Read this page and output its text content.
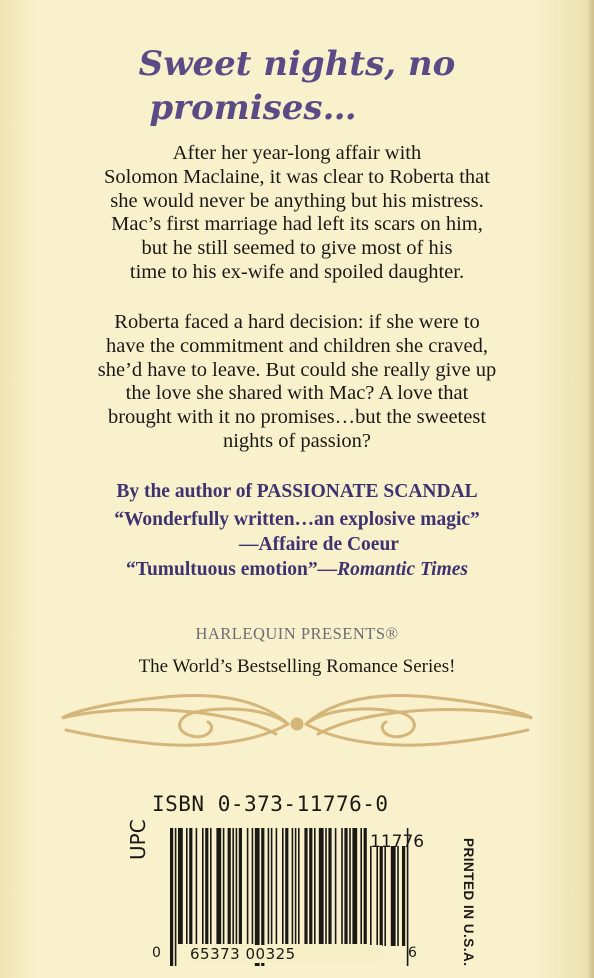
Sweet nights, no
promises…
After her year-long affair with
Solomon Maclaine, it was clear to Roberta that
she would never be anything but his mistress.
Mac’s first marriage had left its scars on him,
but he still seemed to give most of his
time to his ex-wife and spoiled daughter.
Roberta faced a hard decision: if she were to
have the commitment and children she craved,
she’d have to leave. But could she really give up
the love she shared with Mac? A love that
brought with it no promises…but the sweetest
nights of passion?
By the author of PASSIONATE SCANDAL
“Wonderfully written…an explosive magic”
—Affaire de Coeur
“Tumultuous emotion”—Romantic Times
HARLEQUIN PRESENTS®
The World’s Bestselling Romance Series!
ISBN 0-373-11776-0
UPC	11776
0 65373 00325	6	PRINTED IN U.S.A.
